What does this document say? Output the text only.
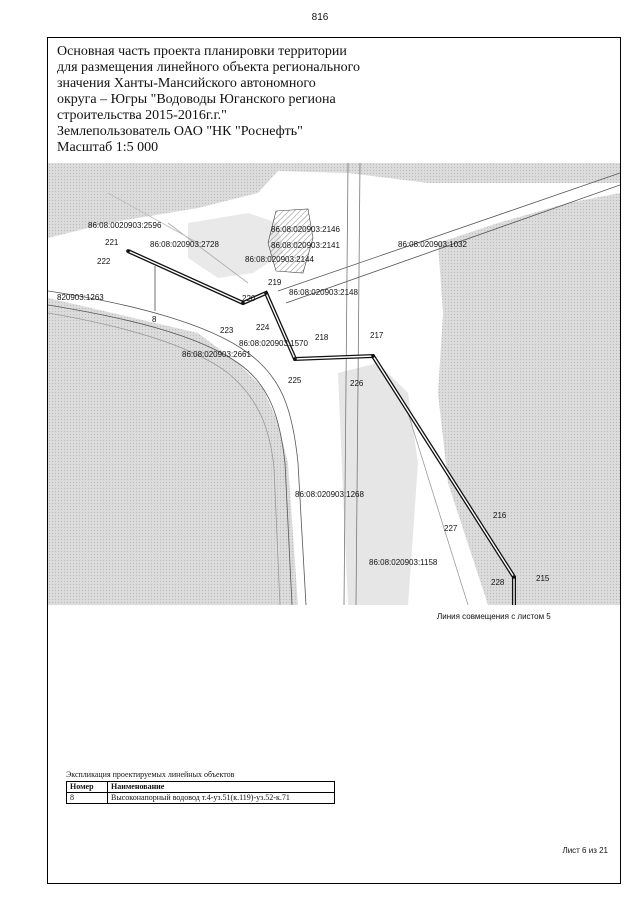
816
Основная часть проекта планировки территории
для размещения линейного объекта регионального
значения Ханты-Мансийского автономного
округа – Югры "Водоводы Юганского региона
строительства 2015-2016г.г."
Землепользователь ОАО "НК "Роснефть"
Масштаб 1:5 000
86:08:0020903:2596
86:08:020903:2728
86:08:020903:2146
86:08:020903:2141
86:08:020903:2144
86:08:020903:1032
86:08:020903:2148
820903:1263
86:08:020903:1570
86:08:020903:2661
86:08:020903:1268
86:08:020903:1158
221
222
219
220
223	224
218	217
225	226
227
216
228	215
8
Линия совмещения с листом 5
Экспликация проектируемых линейных объектов
Номер	Наименование
8	Высоконапорный водовод т.4-уз.51(к.119)-уз.52-к.71
Лист 6 из 21
